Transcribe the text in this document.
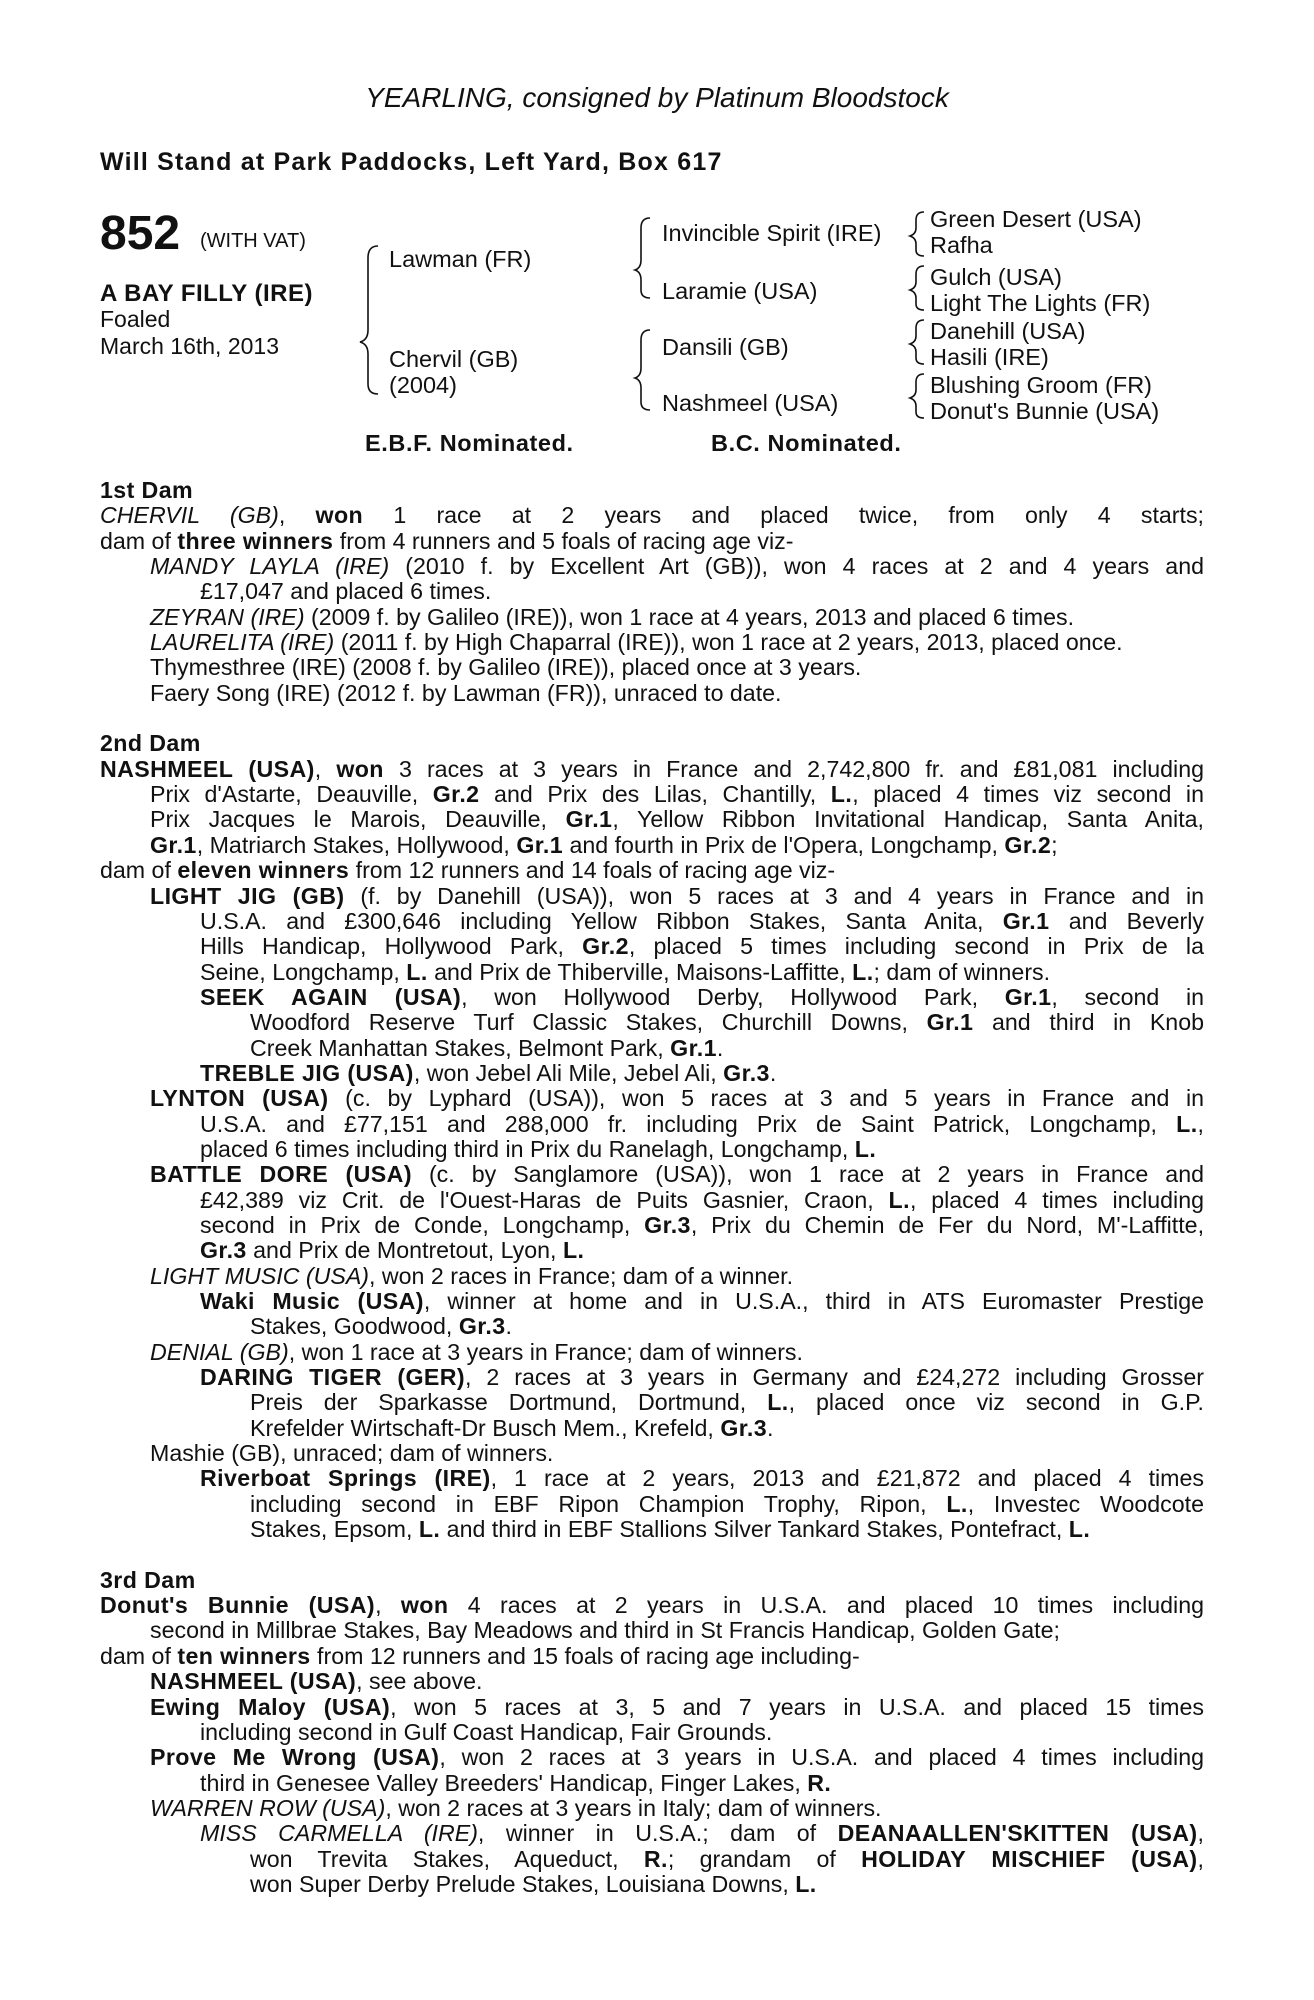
YEARLING, consigned by Platinum Bloodstock
Will Stand at Park Paddocks, Left Yard, Box 617
852 (WITH VAT)
A BAY FILLY (IRE)
Foaled
March 16th, 2013
Lawman (FR)
Chervil (GB)
(2004)
Invincible Spirit (IRE)
Laramie (USA)
Dansili (GB)
Nashmeel (USA)
Green Desert (USA)
Rafha
Gulch (USA)
Light The Lights (FR)
Danehill (USA)
Hasili (IRE)
Blushing Groom (FR)
Donut's Bunnie (USA)
E.B.F. Nominated.	B.C. Nominated.
1st Dam
CHERVIL (GB), won 1 race at 2 years and placed twice, from only 4 starts;
dam of three winners from 4 runners and 5 foals of racing age viz-
MANDY LAYLA (IRE) (2010 f. by Excellent Art (GB)), won 4 races at 2 and 4 years and
£17,047 and placed 6 times.
ZEYRAN (IRE) (2009 f. by Galileo (IRE)), won 1 race at 4 years, 2013 and placed 6 times.
LAURELITA (IRE) (2011 f. by High Chaparral (IRE)), won 1 race at 2 years, 2013, placed once.
Thymesthree (IRE) (2008 f. by Galileo (IRE)), placed once at 3 years.
Faery Song (IRE) (2012 f. by Lawman (FR)), unraced to date.
2nd Dam
NASHMEEL (USA), won 3 races at 3 years in France and 2,742,800 fr. and £81,081 including
Prix d'Astarte, Deauville, Gr.2 and Prix des Lilas, Chantilly, L., placed 4 times viz second in
Prix Jacques le Marois, Deauville, Gr.1, Yellow Ribbon Invitational Handicap, Santa Anita,
Gr.1, Matriarch Stakes, Hollywood, Gr.1 and fourth in Prix de l'Opera, Longchamp, Gr.2;
dam of eleven winners from 12 runners and 14 foals of racing age viz-
LIGHT JIG (GB) (f. by Danehill (USA)), won 5 races at 3 and 4 years in France and in
U.S.A. and £300,646 including Yellow Ribbon Stakes, Santa Anita, Gr.1 and Beverly
Hills Handicap, Hollywood Park, Gr.2, placed 5 times including second in Prix de la
Seine, Longchamp, L. and Prix de Thiberville, Maisons-Laffitte, L.; dam of winners.
SEEK AGAIN (USA), won Hollywood Derby, Hollywood Park, Gr.1, second in
Woodford Reserve Turf Classic Stakes, Churchill Downs, Gr.1 and third in Knob
Creek Manhattan Stakes, Belmont Park, Gr.1.
TREBLE JIG (USA), won Jebel Ali Mile, Jebel Ali, Gr.3.
LYNTON (USA) (c. by Lyphard (USA)), won 5 races at 3 and 5 years in France and in
U.S.A. and £77,151 and 288,000 fr. including Prix de Saint Patrick, Longchamp, L.,
placed 6 times including third in Prix du Ranelagh, Longchamp, L.
BATTLE DORE (USA) (c. by Sanglamore (USA)), won 1 race at 2 years in France and
£42,389 viz Crit. de l'Ouest-Haras de Puits Gasnier, Craon, L., placed 4 times including
second in Prix de Conde, Longchamp, Gr.3, Prix du Chemin de Fer du Nord, M'-Laffitte,
Gr.3 and Prix de Montretout, Lyon, L.
LIGHT MUSIC (USA), won 2 races in France; dam of a winner.
Waki Music (USA), winner at home and in U.S.A., third in ATS Euromaster Prestige
Stakes, Goodwood, Gr.3.
DENIAL (GB), won 1 race at 3 years in France; dam of winners.
DARING TIGER (GER), 2 races at 3 years in Germany and £24,272 including Grosser
Preis der Sparkasse Dortmund, Dortmund, L., placed once viz second in G.P.
Krefelder Wirtschaft-Dr Busch Mem., Krefeld, Gr.3.
Mashie (GB), unraced; dam of winners.
Riverboat Springs (IRE), 1 race at 2 years, 2013 and £21,872 and placed 4 times
including second in EBF Ripon Champion Trophy, Ripon, L., Investec Woodcote
Stakes, Epsom, L. and third in EBF Stallions Silver Tankard Stakes, Pontefract, L.
3rd Dam
Donut's Bunnie (USA), won 4 races at 2 years in U.S.A. and placed 10 times including
second in Millbrae Stakes, Bay Meadows and third in St Francis Handicap, Golden Gate;
dam of ten winners from 12 runners and 15 foals of racing age including-
NASHMEEL (USA), see above.
Ewing Maloy (USA), won 5 races at 3, 5 and 7 years in U.S.A. and placed 15 times
including second in Gulf Coast Handicap, Fair Grounds.
Prove Me Wrong (USA), won 2 races at 3 years in U.S.A. and placed 4 times including
third in Genesee Valley Breeders' Handicap, Finger Lakes, R.
WARREN ROW (USA), won 2 races at 3 years in Italy; dam of winners.
MISS CARMELLA (IRE), winner in U.S.A.; dam of DEANAALLEN'SKITTEN (USA),
won Trevita Stakes, Aqueduct, R.; grandam of HOLIDAY MISCHIEF (USA),
won Super Derby Prelude Stakes, Louisiana Downs, L.
